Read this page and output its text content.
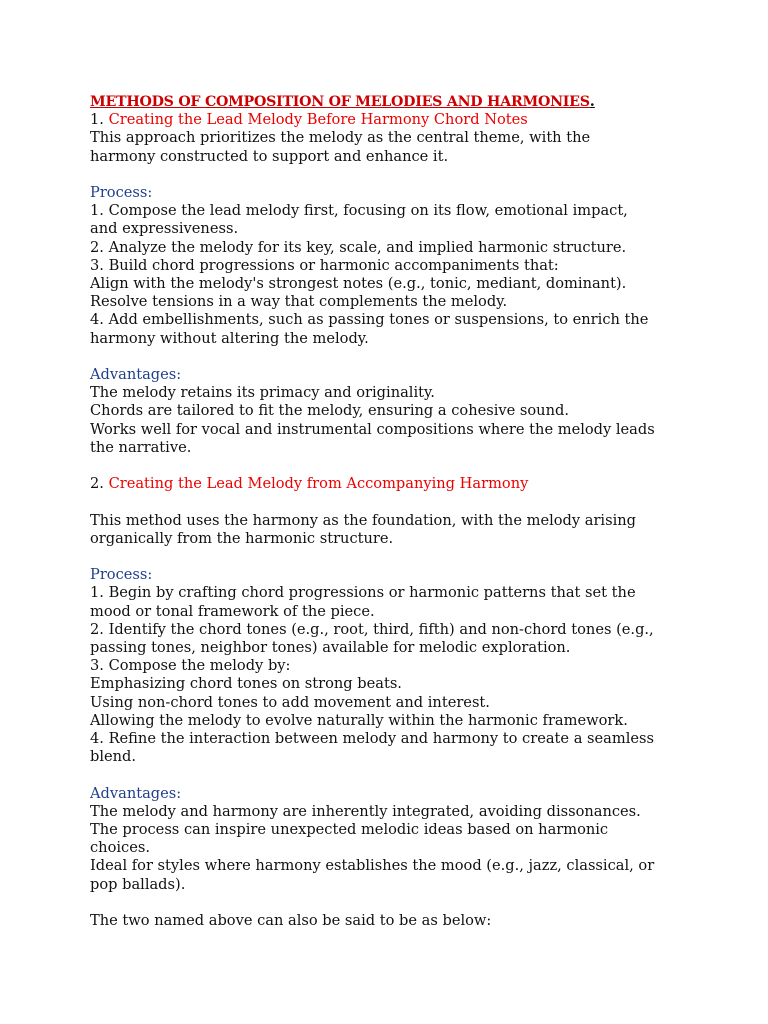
METHODS OF COMPOSITION OF MELODIES AND HARMONIES.
1. Creating the Lead Melody Before Harmony Chord Notes
This approach prioritizes the melody as the central theme, with the
harmony constructed to support and enhance it.
Process:
1. Compose the lead melody first, focusing on its flow, emotional impact,
and expressiveness.
2. Analyze the melody for its key, scale, and implied harmonic structure.
3. Build chord progressions or harmonic accompaniments that:
Align with the melody's strongest notes (e.g., tonic, mediant, dominant).
Resolve tensions in a way that complements the melody.
4. Add embellishments, such as passing tones or suspensions, to enrich the
harmony without altering the melody.
Advantages:
The melody retains its primacy and originality.
Chords are tailored to fit the melody, ensuring a cohesive sound.
Works well for vocal and instrumental compositions where the melody leads
the narrative.
2. Creating the Lead Melody from Accompanying Harmony
This method uses the harmony as the foundation, with the melody arising
organically from the harmonic structure.
Process:
1. Begin by crafting chord progressions or harmonic patterns that set the
mood or tonal framework of the piece.
2. Identify the chord tones (e.g., root, third, fifth) and non-chord tones (e.g.,
passing tones, neighbor tones) available for melodic exploration.
3. Compose the melody by:
Emphasizing chord tones on strong beats.
Using non-chord tones to add movement and interest.
Allowing the melody to evolve naturally within the harmonic framework.
4. Refine the interaction between melody and harmony to create a seamless
blend.
Advantages:
The melody and harmony are inherently integrated, avoiding dissonances.
The process can inspire unexpected melodic ideas based on harmonic
choices.
Ideal for styles where harmony establishes the mood (e.g., jazz, classical, or
pop ballads).
The two named above can also be said to be as below:
